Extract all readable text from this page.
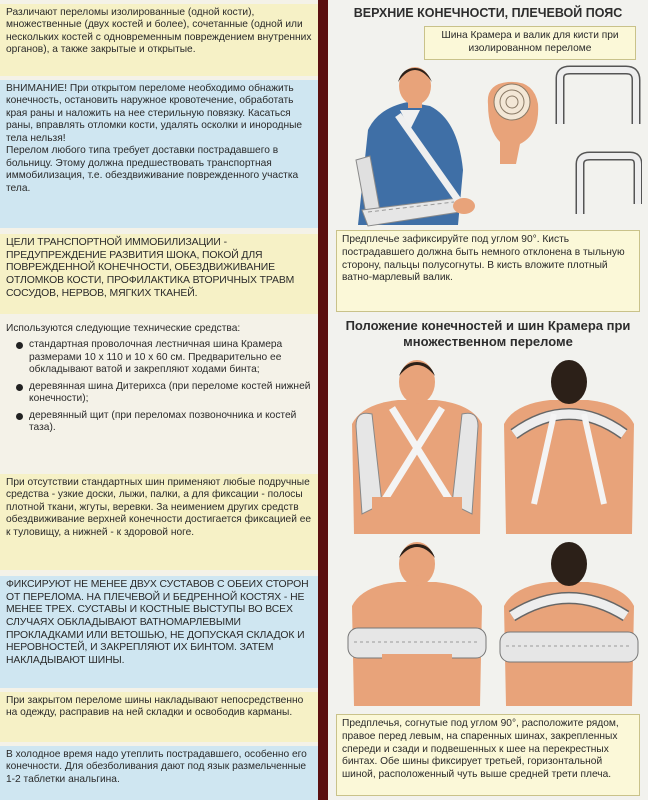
Различают переломы изолированные (одной кости), множественные (двух костей и более), сочетанные (одной или нескольких костей с одновременным повреждением внутренних органов), а также закрытые и открытые.

ВНИМАНИЕ! При открытом переломе необходимо обнажить конечность, остановить наружное кровотечение, обработать края раны и наложить на нее стерильную повязку. Касаться раны, вправлять отломки кости, удалять осколки и инородные тела нельзя!

Перелом любого типа требует доставки пострадавшего в больницу. Этому должна предшествовать транспортная иммобилизация, т.е. обездвиживание поврежденного участка тела.

ЦЕЛИ ТРАНСПОРТНОЙ ИММОБИЛИЗАЦИИ - ПРЕДУПРЕЖДЕНИЕ РАЗВИТИЯ ШОКА, ПОКОЙ ДЛЯ ПОВРЕЖДЕННОЙ КОНЕЧНОСТИ, ОБЕЗДВИЖИВАНИЕ ОТЛОМКОВ КОСТИ, ПРОФИЛАКТИКА ВТОРИЧНЫХ ТРАВМ СОСУДОВ, НЕРВОВ, МЯГКИХ ТКАНЕЙ.

Используются следующие технические средства:

стандартная проволочная лестничная шина Крамера размерами 10 х 110 и 10 х 60 см. Предварительно ее обкладывают ватой и закрепляют ходами бинта;
деревянная шина Дитерихса (при переломе костей нижней конечности);
деревянный щит (при переломах позвоночника и костей таза).

При отсутствии стандартных шин применяют любые подручные средства - узкие доски, лыжи, палки, а для фиксации - полосы плотной ткани, жгуты, веревки. За неимением других средств обездвиживание верхней конечности достигается фиксацией ее к туловищу, а нижней - к здоровой ноге.

ФИКСИРУЮТ НЕ МЕНЕЕ ДВУХ СУСТАВОВ С ОБЕИХ СТОРОН ОТ ПЕРЕЛОМА. НА ПЛЕЧЕВОЙ И БЕДРЕННОЙ КОСТЯХ - НЕ МЕНЕЕ ТРЕХ. СУСТАВЫ И КОСТНЫЕ ВЫСТУПЫ ВО ВСЕХ СЛУЧАЯХ ОБКЛАДЫВАЮТ ВАТНОМАРЛЕВЫМИ ПРОКЛАДКАМИ ИЛИ ВЕТОШЬЮ, НЕ ДОПУСКАЯ СКЛАДОК И НЕРОВНОСТЕЙ, И ЗАКРЕПЛЯЮТ ИХ БИНТОМ. ЗАТЕМ НАКЛАДЫВАЮТ ШИНЫ.

При закрытом переломе шины накладывают непосредственно на одежду, расправив на ней складки и освободив карманы.

В холодное время надо утеплить пострадавшего, особенно его конечности. Для обезболивания дают под язык размельченные 1-2 таблетки анальгина.

ВЕРХНИЕ КОНЕЧНОСТИ, ПЛЕЧЕВОЙ ПОЯС
Шина Крамера и валик для кисти при изолированном переломе
Предплечье зафиксируйте под углом 90°. Кисть пострадавшего должна быть немного отклонена в тыльную сторону, пальцы полусогнуты. В кисть вложите плотный ватно-марлевый валик.
Положение конечностей и шин Крамера при множественном переломе
Предплечья, согнутые под углом 90°, расположите рядом, правое перед левым, на спаренных шинах, закрепленных спереди и сзади и подвешенных к шее на перекрестных бинтах. Обе шины фиксирует третьей, горизонтальной шиной, расположенный чуть выше средней трети плеча.
